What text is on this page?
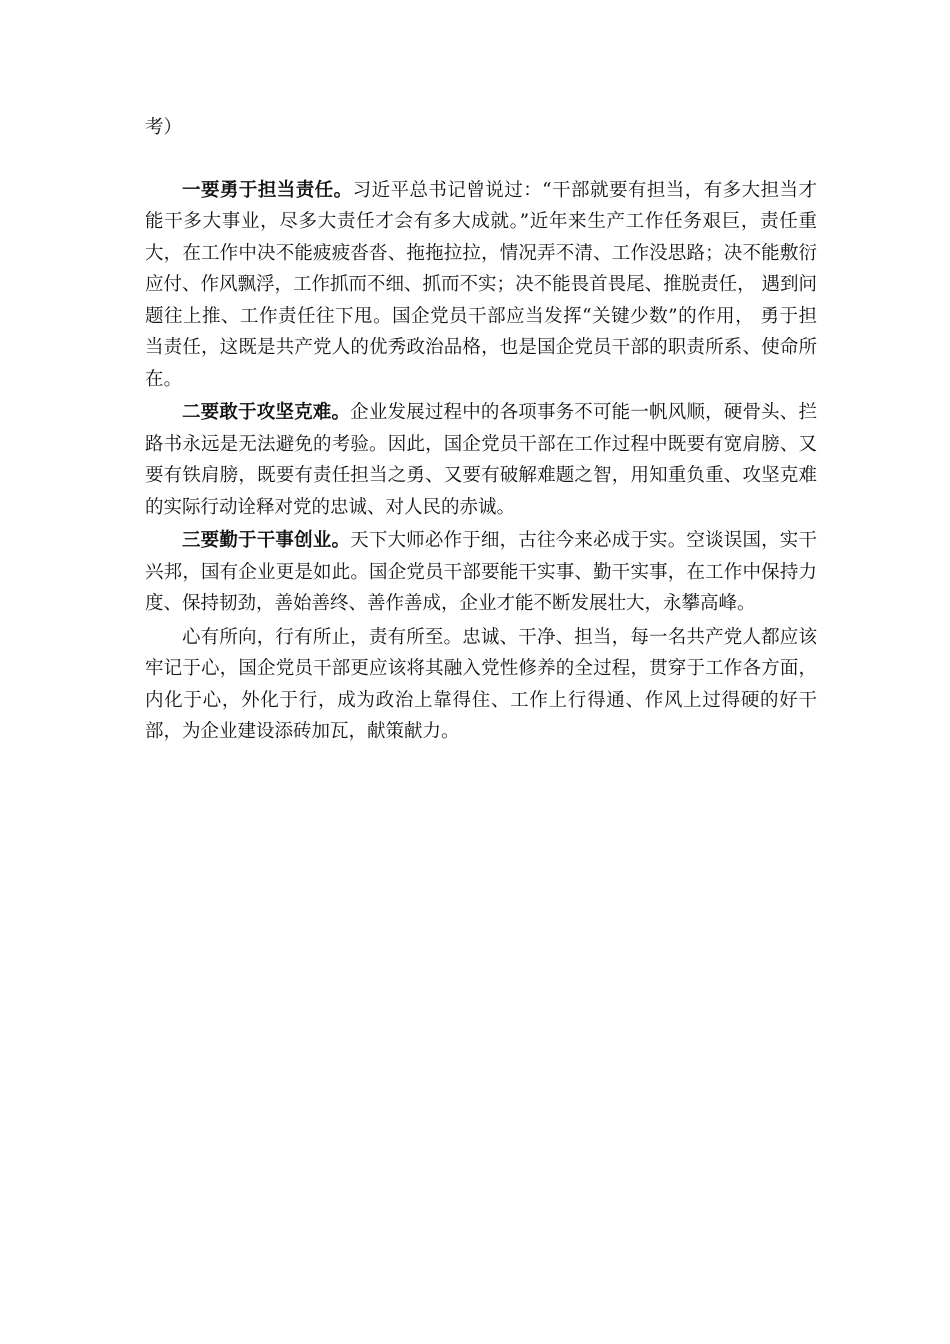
考）

一要勇于担当责任。习近平总书记曾说过：“干部就要有担当，有多大担当才能干多大事业，尽多大责任才会有多大成就。”近年来生产工作任务艰巨，责任重大，在工作中决不能疲疲沓沓、拖拖拉拉，情况弄不清、工作没思路；决不能敷衍应付、作风飘浮，工作抓而不细、抓而不实；决不能畏首畏尾、推脱责任， 遇到问题往上推、工作责任往下甩。国企党员干部应当发挥“关键少数”的作用， 勇于担当责任，这既是共产党人的优秀政治品格，也是国企党员干部的职责所系、使命所在。

二要敢于攻坚克难。企业发展过程中的各项事务不可能一帆风顺，硬骨头、拦路书永远是无法避免的考验。因此，国企党员干部在工作过程中既要有宽肩膀、又要有铁肩膀，既要有责任担当之勇、又要有破解难题之智，用知重负重、攻坚克难的实际行动诠释对党的忠诚、对人民的赤诚。

三要勤于干事创业。天下大师必作于细，古往今来必成于实。空谈误国，实干兴邦，国有企业更是如此。国企党员干部要能干实事、勤干实事，在工作中保持力度、保持韧劲，善始善终、善作善成，企业才能不断发展壮大，永攀高峰。

心有所向，行有所止，责有所至。忠诚、干净、担当，每一名共产党人都应该牢记于心，国企党员干部更应该将其融入党性修养的全过程，贯穿于工作各方面，内化于心，外化于行，成为政治上靠得住、工作上行得通、作风上过得硬的好干部，为企业建设添砖加瓦，献策献力。
